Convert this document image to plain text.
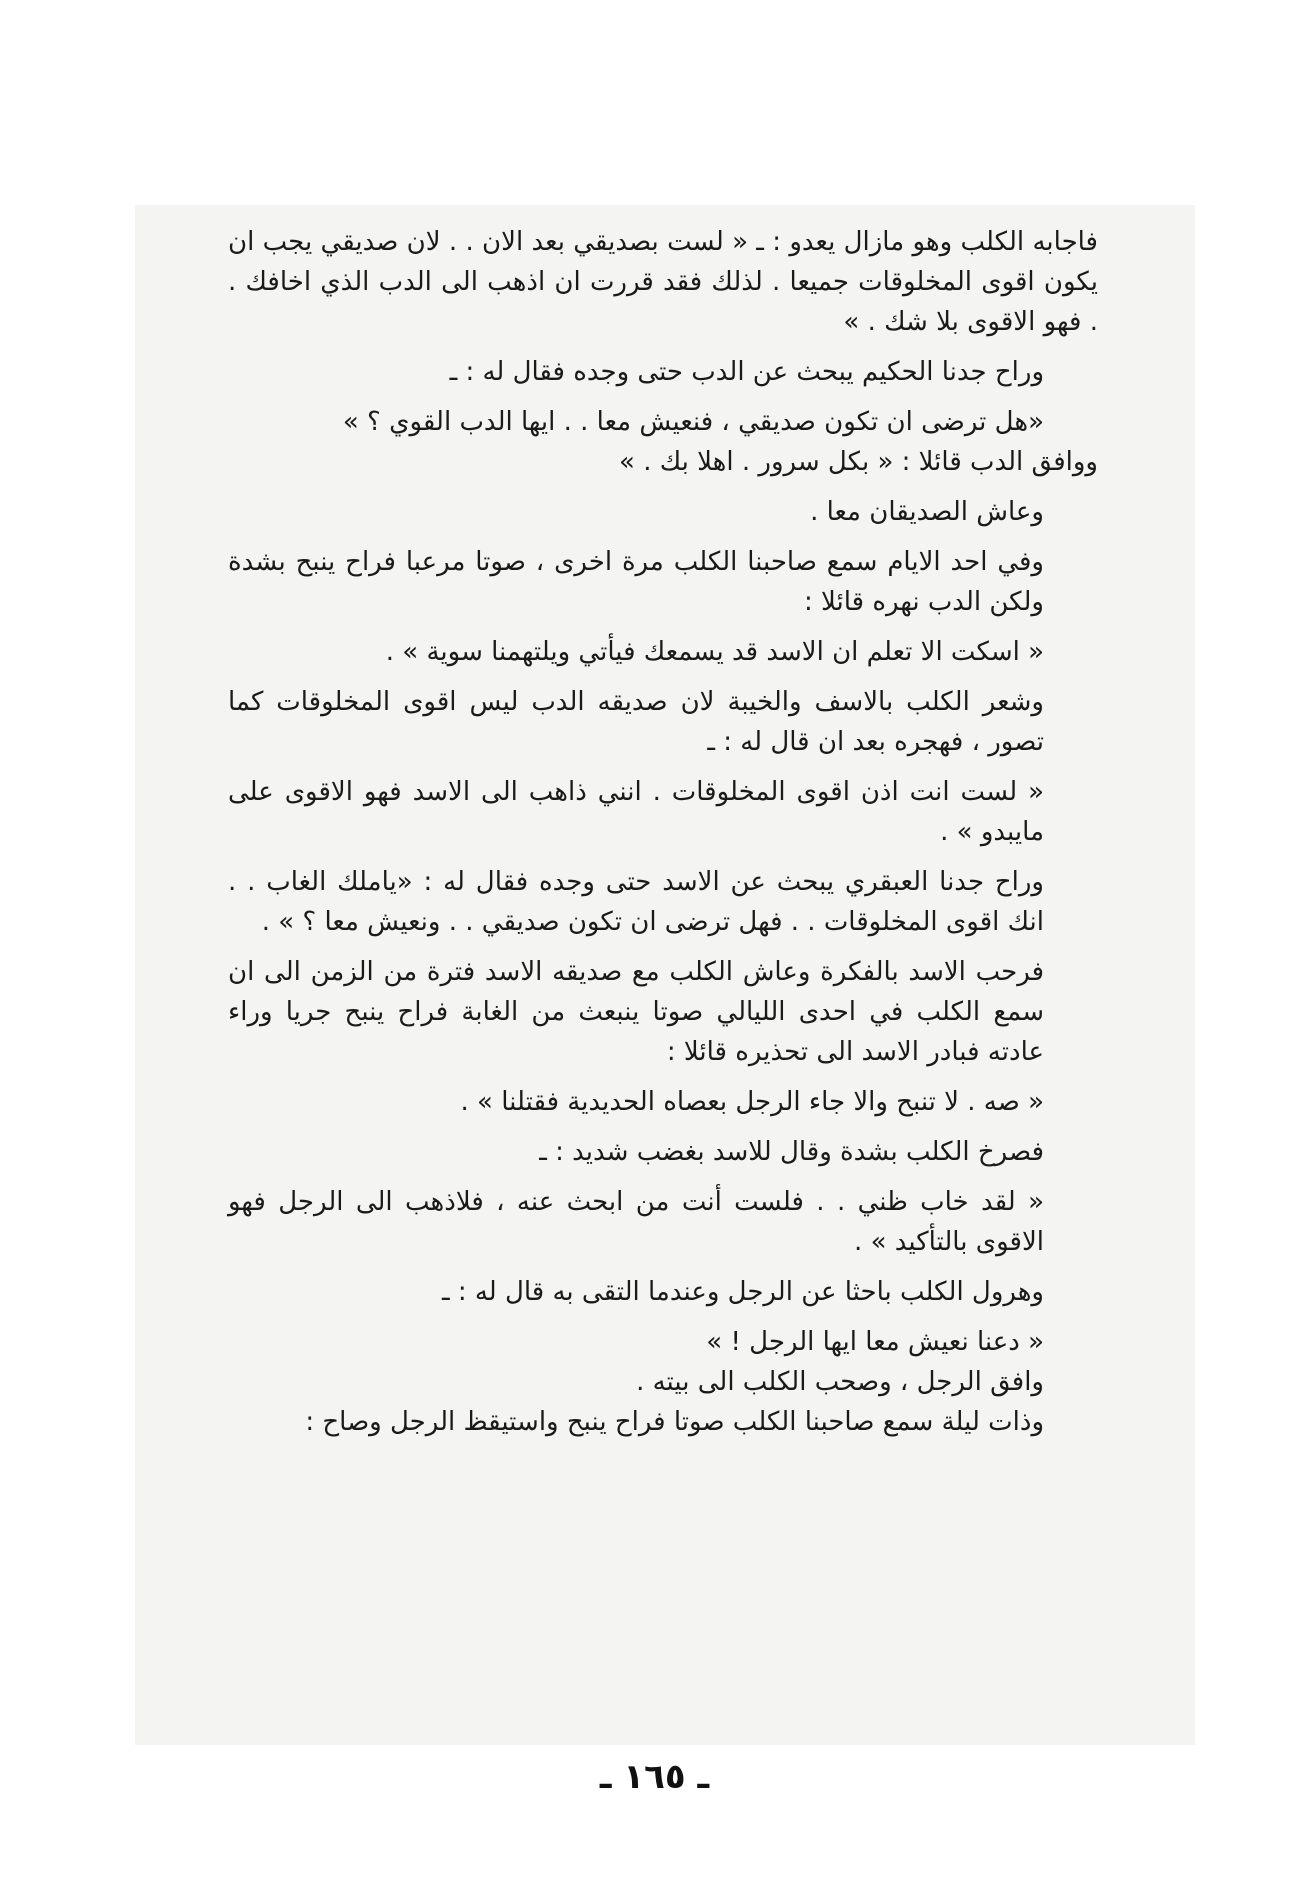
فاجابه الكلب وهو مازال يعدو : ـ « لست بصديقي بعد الان . . لان صديقي يجب ان يكون اقوى المخلوقات جميعا . لذلك فقد قررت ان اذهب الى الدب الذي اخافك . . فهو الاقوى بلا شك . »

وراح جدنا الحكيم يبحث عن الدب حتى وجده فقال له : ـ

«هل ترضى ان تكون صديقي ، فنعيش معا . . ايها الدب القوي ؟ »

ووافق الدب قائلا : « بكل سرور . اهلا بك . »

وعاش الصديقان معا .

وفي احد الايام سمع صاحبنا الكلب مرة اخرى ، صوتا مرعبا فراح ينبح بشدة ولكن الدب نهره قائلا :

« اسكت الا تعلم ان الاسد قد يسمعك فيأتي ويلتهمنا سوية » .

وشعر الكلب بالاسف والخيبة لان صديقه الدب ليس اقوى المخلوقات كما تصور ، فهجره بعد ان قال له : ـ

« لست انت اذن اقوى المخلوقات . انني ذاهب الى الاسد فهو الاقوى على مايبدو » .

وراح جدنا العبقري يبحث عن الاسد حتى وجده فقال له : «ياملك الغاب . . انك اقوى المخلوقات . . فهل ترضى ان تكون صديقي . . ونعيش معا ؟ » .

فرحب الاسد بالفكرة وعاش الكلب مع صديقه الاسد فترة من الزمن الى ان سمع الكلب في احدى الليالي صوتا ينبعث من الغابة فراح ينبح جريا وراء عادته فبادر الاسد الى تحذيره قائلا :

« صه . لا تنبح والا جاء الرجل بعصاه الحديدية فقتلنا » .

فصرخ الكلب بشدة وقال للاسد بغضب شديد : ـ

« لقد خاب ظني . . فلست أنت من ابحث عنه ، فلاذهب الى الرجل فهو الاقوى بالتأكيد » .

وهرول الكلب باحثا عن الرجل وعندما التقى به قال له : ـ

« دعنا نعيش معا ايها الرجل ! »

وافق الرجل ، وصحب الكلب الى بيته .

وذات ليلة سمع صاحبنا الكلب صوتا فراح ينبح واستيقظ الرجل وصاح :

ـ ١٦٥ ـ
